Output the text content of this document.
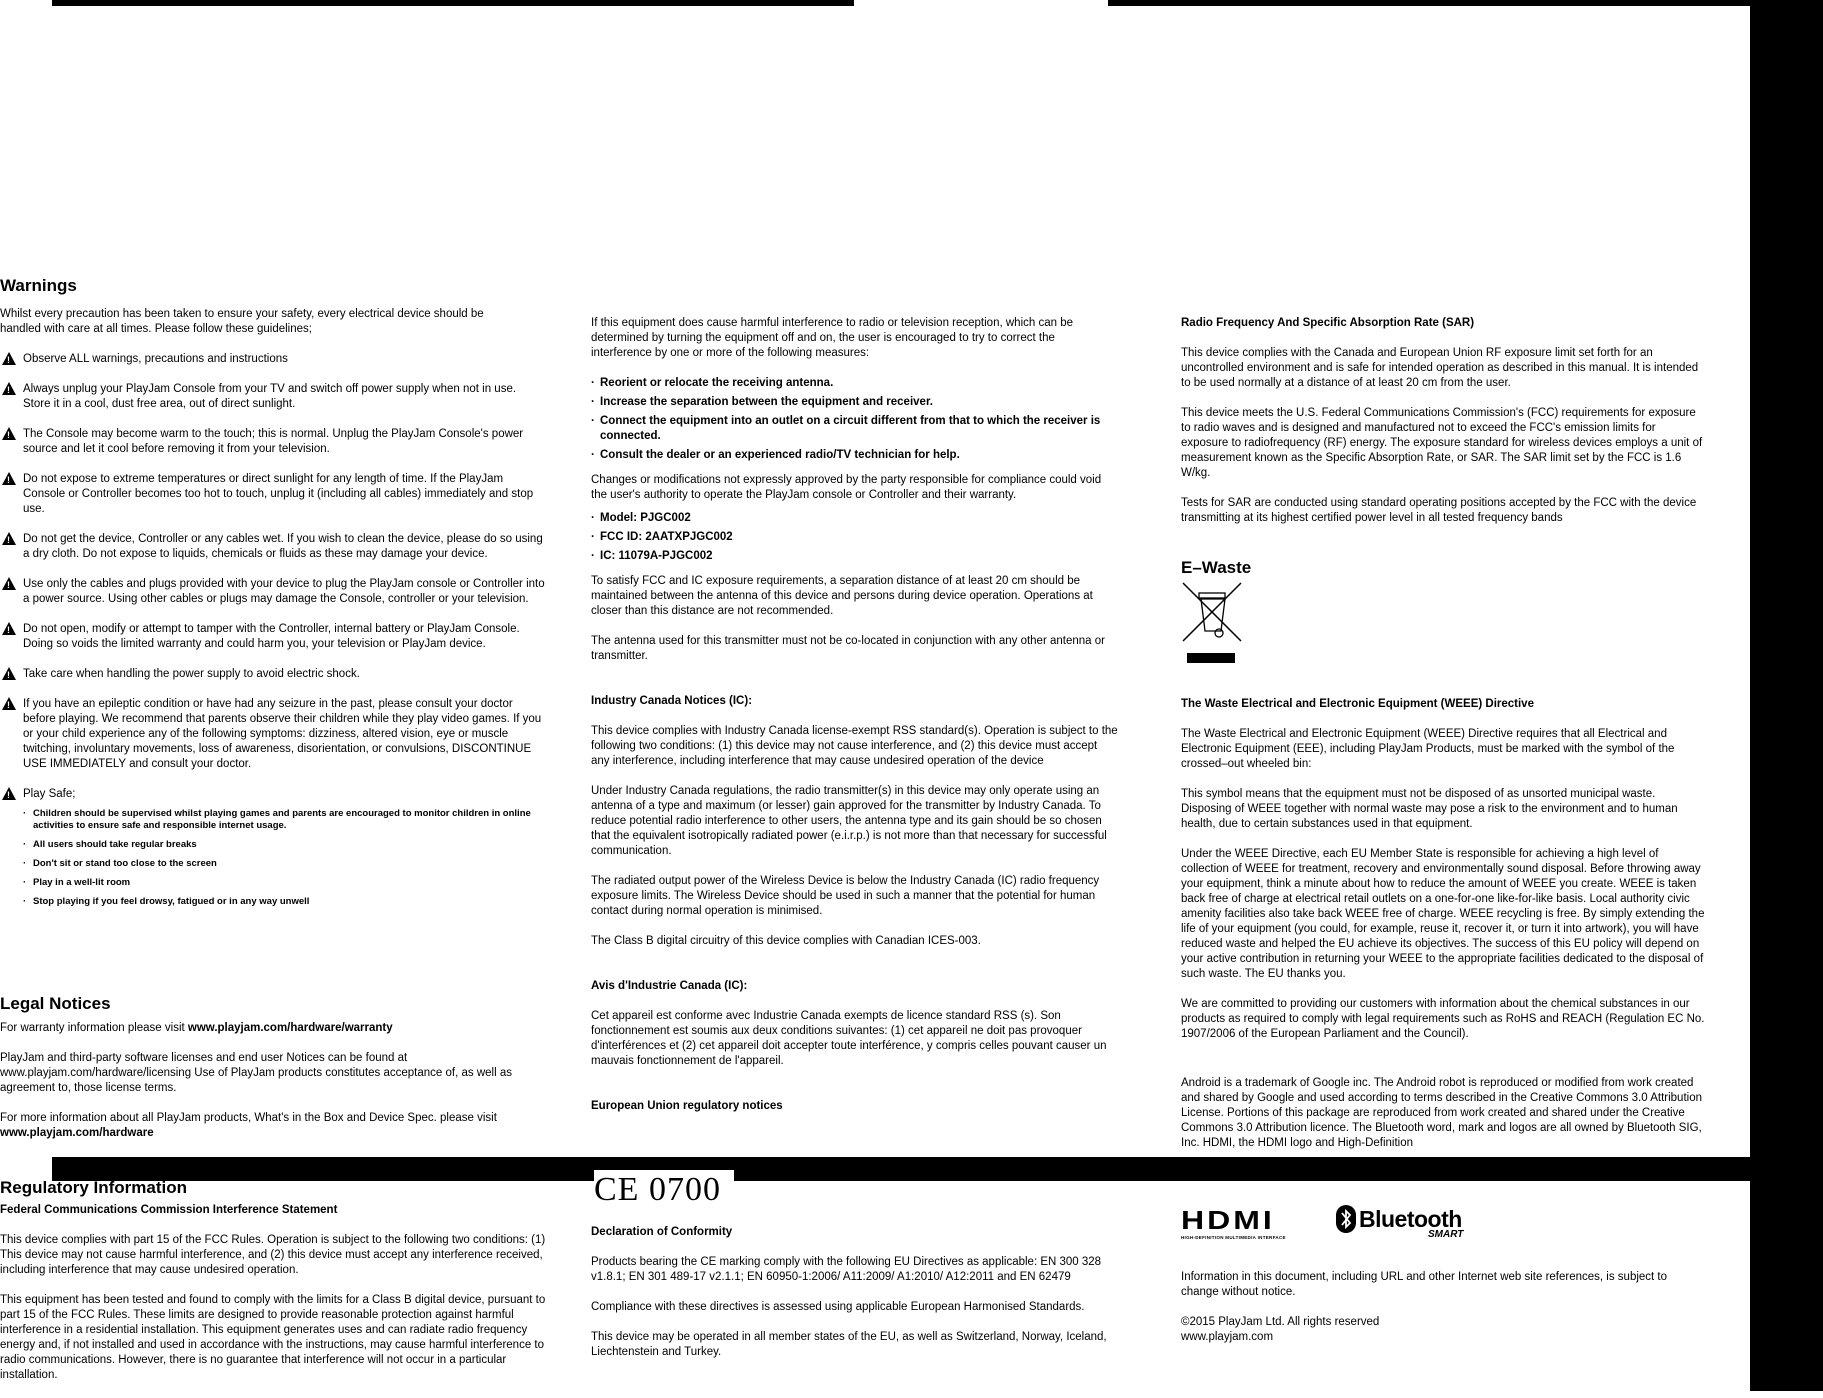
Warnings

Whilst every precaution has been taken to ensure your safety, every electrical device should be handled with care at all times. Please follow these guidelines;

!
Observe ALL warnings, precautions and instructions
!
Always unplug your PlayJam Console from your TV and switch off power supply when not in use. Store it in a cool, dust free area, out of direct sunlight.
!
The Console may become warm to the touch; this is normal. Unplug the PlayJam Console's power source and let it cool before removing it from your television.
!
Do not expose to extreme temperatures or direct sunlight for any length of time. If the PlayJam Console or Controller becomes too hot to touch, unplug it (including all cables) immediately and stop use.
!
Do not get the device, Controller or any cables wet. If you wish to clean the device, please do so using a dry cloth. Do not expose to liquids, chemicals or fluids as these may damage your device.
!
Use only the cables and plugs provided with your device to plug the PlayJam console or Controller into a power source. Using other cables or plugs may damage the Console, controller or your television.
!
Do not open, modify or attempt to tamper with the Controller, internal battery or PlayJam Console. Doing so voids the limited warranty and could harm you, your television or PlayJam device.
!
Take care when handling the power supply to avoid electric shock.
!
If you have an epileptic condition or have had any seizure in the past, please consult your doctor before playing. We recommend that parents observe their children while they play video games. If you or your child experience any of the following symptoms: dizziness, altered vision, eye or muscle twitching, involuntary movements, loss of awareness, disorientation, or convulsions, DISCONTINUE USE IMMEDIATELY and consult your doctor.
!
Play Safe;
· Children should be supervised whilst playing games and parents are encouraged to monitor children in online activities to ensure safe and responsible internet usage.
· All users should take regular breaks
· Don't sit or stand too close to the screen
· Play in a well-lit room
· Stop playing if you feel drowsy, fatigued or in any way unwell
Legal Notices

For warranty information please visit www.playjam.com/hardware/warranty

PlayJam and third-party software licenses and end user Notices can be found at www.playjam.com/hardware/licensing Use of PlayJam products constitutes acceptance of, as well as agreement to, those license terms.

For more information about all PlayJam products, What's in the Box and Device Spec. please visit www.playjam.com/hardware

Regulatory Information
Federal Communications Commission Interference Statement

This device complies with part 15 of the FCC Rules. Operation is subject to the following two conditions: (1) This device may not cause harmful interference, and (2) this device must accept any interference received, including interference that may cause undesired operation.

This equipment has been tested and found to comply with the limits for a Class B digital device, pursuant to part 15 of the FCC Rules. These limits are designed to provide reasonable protection against harmful interference in a residential installation. This equipment generates uses and can radiate radio frequency energy and, if not installed and used in accordance with the instructions, may cause harmful interference to radio communications. However, there is no guarantee that interference will not occur in a particular installation.

If this equipment does cause harmful interference to radio or television reception, which can be determined by turning the equipment off and on, the user is encouraged to try to correct the interference by one or more of the following measures:

· Reorient or relocate the receiving antenna.
· Increase the separation between the equipment and receiver.
· Connect the equipment into an outlet on a circuit different from that to which the receiver is connected.
· Consult the dealer or an experienced radio/TV technician for help.

Changes or modifications not expressly approved by the party responsible for compliance could void the user's authority to operate the PlayJam console or Controller and their warranty.

· Model: PJGC002
· FCC ID: 2AATXPJGC002
· IC: 11079A-PJGC002

To satisfy FCC and IC exposure requirements, a separation distance of at least 20 cm should be maintained between the antenna of this device and persons during device operation. Operations at closer than this distance are not recommended.

The antenna used for this transmitter must not be co-located in conjunction with any other antenna or transmitter.

Industry Canada Notices (IC):

This device complies with Industry Canada license-exempt RSS standard(s). Operation is subject to the following two conditions: (1) this device may not cause interference, and (2) this device must accept any interference, including interference that may cause undesired operation of the device

Under Industry Canada regulations, the radio transmitter(s) in this device may only operate using an antenna of a type and maximum (or lesser) gain approved for the transmitter by Industry Canada. To reduce potential radio interference to other users, the antenna type and its gain should be so chosen that the equivalent isotropically radiated power (e.i.r.p.) is not more than that necessary for successful communication.

The radiated output power of the Wireless Device is below the Industry Canada (IC) radio frequency exposure limits. The Wireless Device should be used in such a manner that the potential for human contact during normal operation is minimised.

The Class B digital circuitry of this device complies with Canadian ICES-003.

Avis d'Industrie Canada (IC):

Cet appareil est conforme avec Industrie Canada exempts de licence standard RSS (s). Son fonctionnement est soumis aux deux conditions suivantes: (1) cet appareil ne doit pas provoquer d'interférences et (2) cet appareil doit accepter toute interférence, y compris celles pouvant causer un mauvais fonctionnement de l'appareil.

European Union regulatory notices
CE 0700
Declaration of Conformity

Products bearing the CE marking comply with the following EU Directives as applicable: EN 300 328 v1.8.1; EN 301 489-17 v2.1.1; EN 60950-1:2006/ A11:2009/ A1:2010/ A12:2011 and EN 62479

Compliance with these directives is assessed using applicable European Harmonised Standards.

This device may be operated in all member states of the EU, as well as Switzerland, Norway, Iceland, Liechtenstein and Turkey.

Radio Frequency And Specific Absorption Rate (SAR)

This device complies with the Canada and European Union RF exposure limit set forth for an uncontrolled environment and is safe for intended operation as described in this manual. It is intended to be used normally at a distance of at least 20 cm from the user.

This device meets the U.S. Federal Communications Commission's (FCC) requirements for exposure to radio waves and is designed and manufactured not to exceed the FCC's emission limits for exposure to radiofrequency (RF) energy. The exposure standard for wireless devices employs a unit of measurement known as the Specific Absorption Rate, or SAR. The SAR limit set by the FCC is 1.6 W/kg.

Tests for SAR are conducted using standard operating positions accepted by the FCC with the device transmitting at its highest certified power level in all tested frequency bands

E–Waste
The Waste Electrical and Electronic Equipment (WEEE) Directive

The Waste Electrical and Electronic Equipment (WEEE) Directive requires that all Electrical and Electronic Equipment (EEE), including PlayJam Products, must be marked with the symbol of the crossed–out wheeled bin:

This symbol means that the equipment must not be disposed of as unsorted municipal waste. Disposing of WEEE together with normal waste may pose a risk to the environment and to human health, due to certain substances used in that equipment.

Under the WEEE Directive, each EU Member State is responsible for achieving a high level of collection of WEEE for treatment, recovery and environmentally sound disposal. Before throwing away your equipment, think a minute about how to reduce the amount of WEEE you create. WEEE is taken back free of charge at electrical retail outlets on a one-for-one like-for-like basis. Local authority civic amenity facilities also take back WEEE free of charge. WEEE recycling is free. By simply extending the life of your equipment (you could, for example, reuse it, recover it, or turn it into artwork), you will have reduced waste and helped the EU achieve its objectives. The success of this EU policy will depend on your active contribution in returning your WEEE to the appropriate facilities dedicated to the disposal of such waste. The EU thanks you.

We are committed to providing our customers with information about the chemical substances in our products as required to comply with legal requirements such as RoHS and REACH (Regulation EC No. 1907/2006 of the European Parliament and the Council).

Android is a trademark of Google inc. The Android robot is reproduced or modified from work created and shared by Google and used according to terms described in the Creative Commons 3.0 Attribution License. Portions of this package are reproduced from work created and shared under the Creative Commons 3.0 Attribution licence. The Bluetooth word, mark and logos are all owned by Bluetooth SIG, Inc. HDMI, the HDMI logo and High-Definition

HDMI
HIGH-DEFINITION MULTIMEDIA INTERFACE
Bluetooth
SMART

Information in this document, including URL and other Internet web site references, is subject to change without notice.

©2015 PlayJam Ltd. All rights reserved
www.playjam.com
